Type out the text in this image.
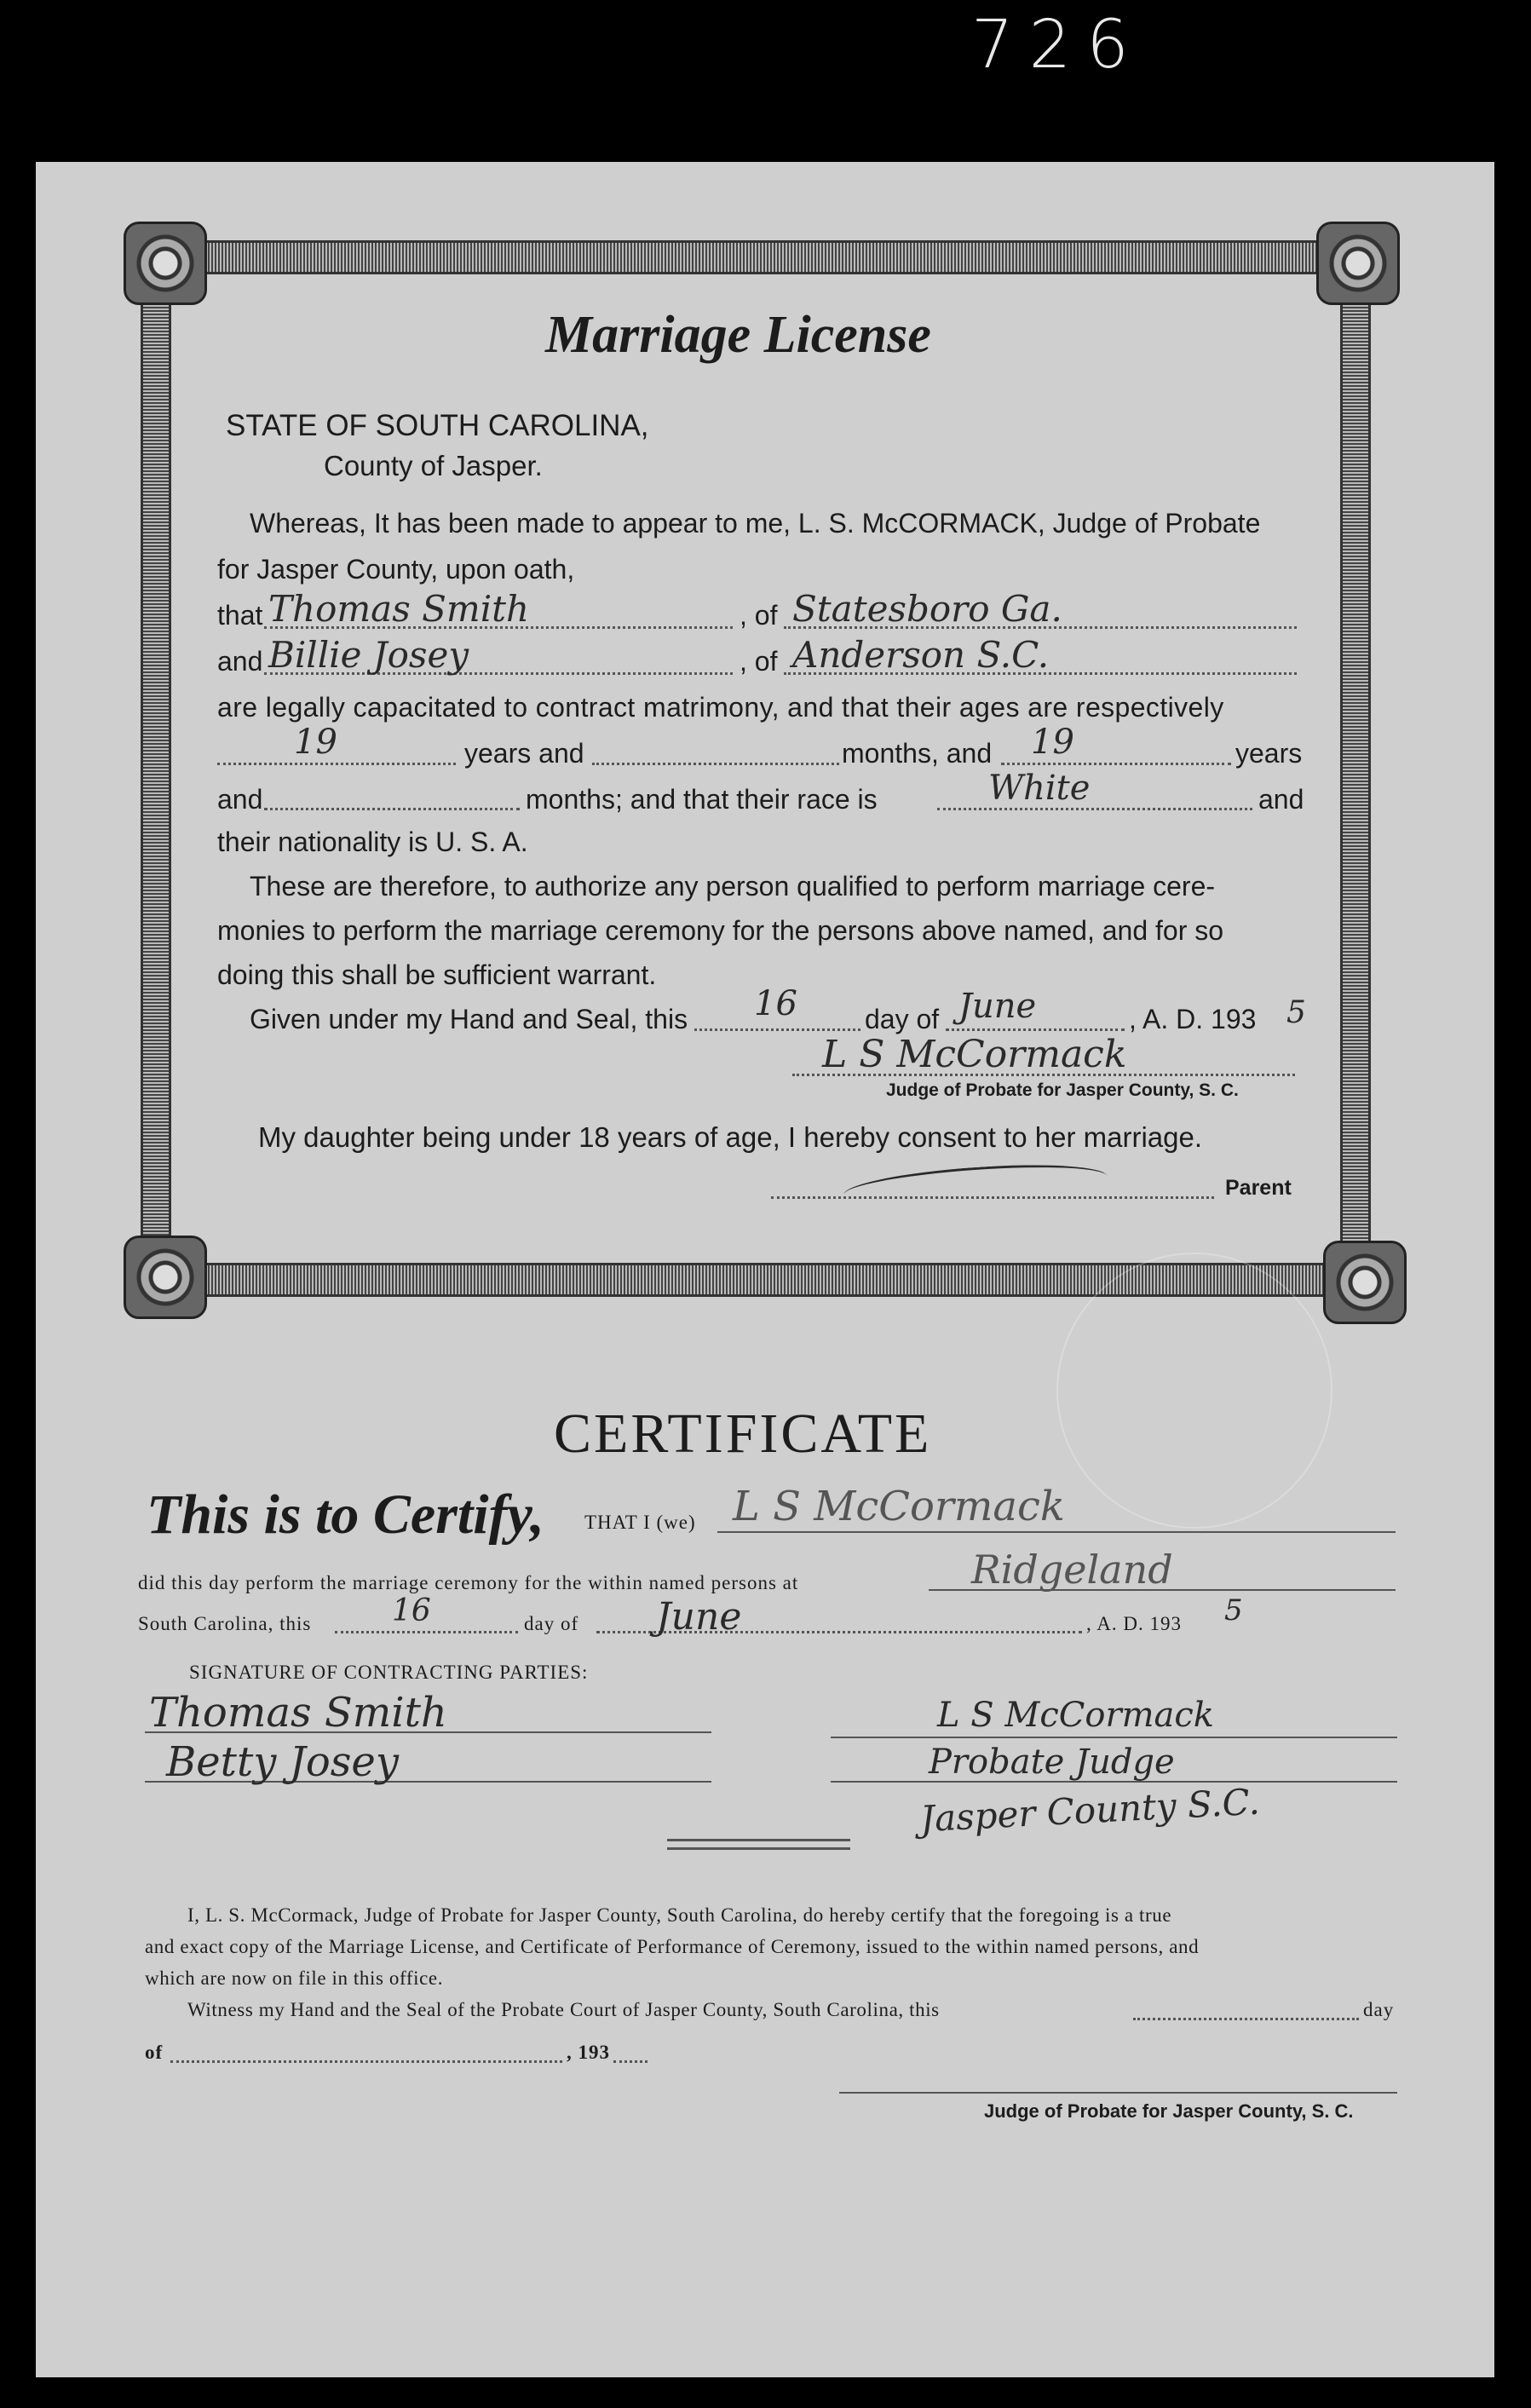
726
Marriage License
STATE OF SOUTH CAROLINA,
County of Jasper.
Whereas, It has been made to appear to me, L. S. McCORMACK, Judge of Probate
for Jasper County, upon oath,
that Thomas Smith	, of Statesboro Ga.
and Billie Josey	, of Anderson S.C.
are legally capacitated to contract matrimony, and that their ages are respectively
19	years and	months, and 19	years
and	months; and that their race is	White	and
their nationality is U. S. A.
These are therefore, to authorize any person qualified to perform marriage cere-
monies to perform the marriage ceremony for the persons above named, and for so
doing this shall be sufficient warrant.
Given under my Hand and Seal, this 16 day of June	, A. D. 193 5
L S McCormack
Judge of Probate for Jasper County, S. C.
My daughter being under 18 years of age, I hereby consent to her marriage.
Parent
CERTIFICATE
This is to Certify, THAT I (we) L S McCormack
did this day perform the marriage ceremony for the within named persons at	Ridgeland
South Carolina, this	16	day of June	, A. D. 193 5
SIGNATURE OF CONTRACTING PARTIES:
Thomas Smith
Betty Josey
L S McCormack
Probate Judge
Jasper County S.C.
I, L. S. McCormack, Judge of Probate for Jasper County, South Carolina, do hereby certify that the foregoing is a true
and exact copy of the Marriage License, and Certificate of Performance of Ceremony, issued to the within named persons, and
which are now on file in this office.
Witness my Hand and the Seal of the Probate Court of Jasper County, South Carolina, this	day
of	, 193
Judge of Probate for Jasper County, S. C.
